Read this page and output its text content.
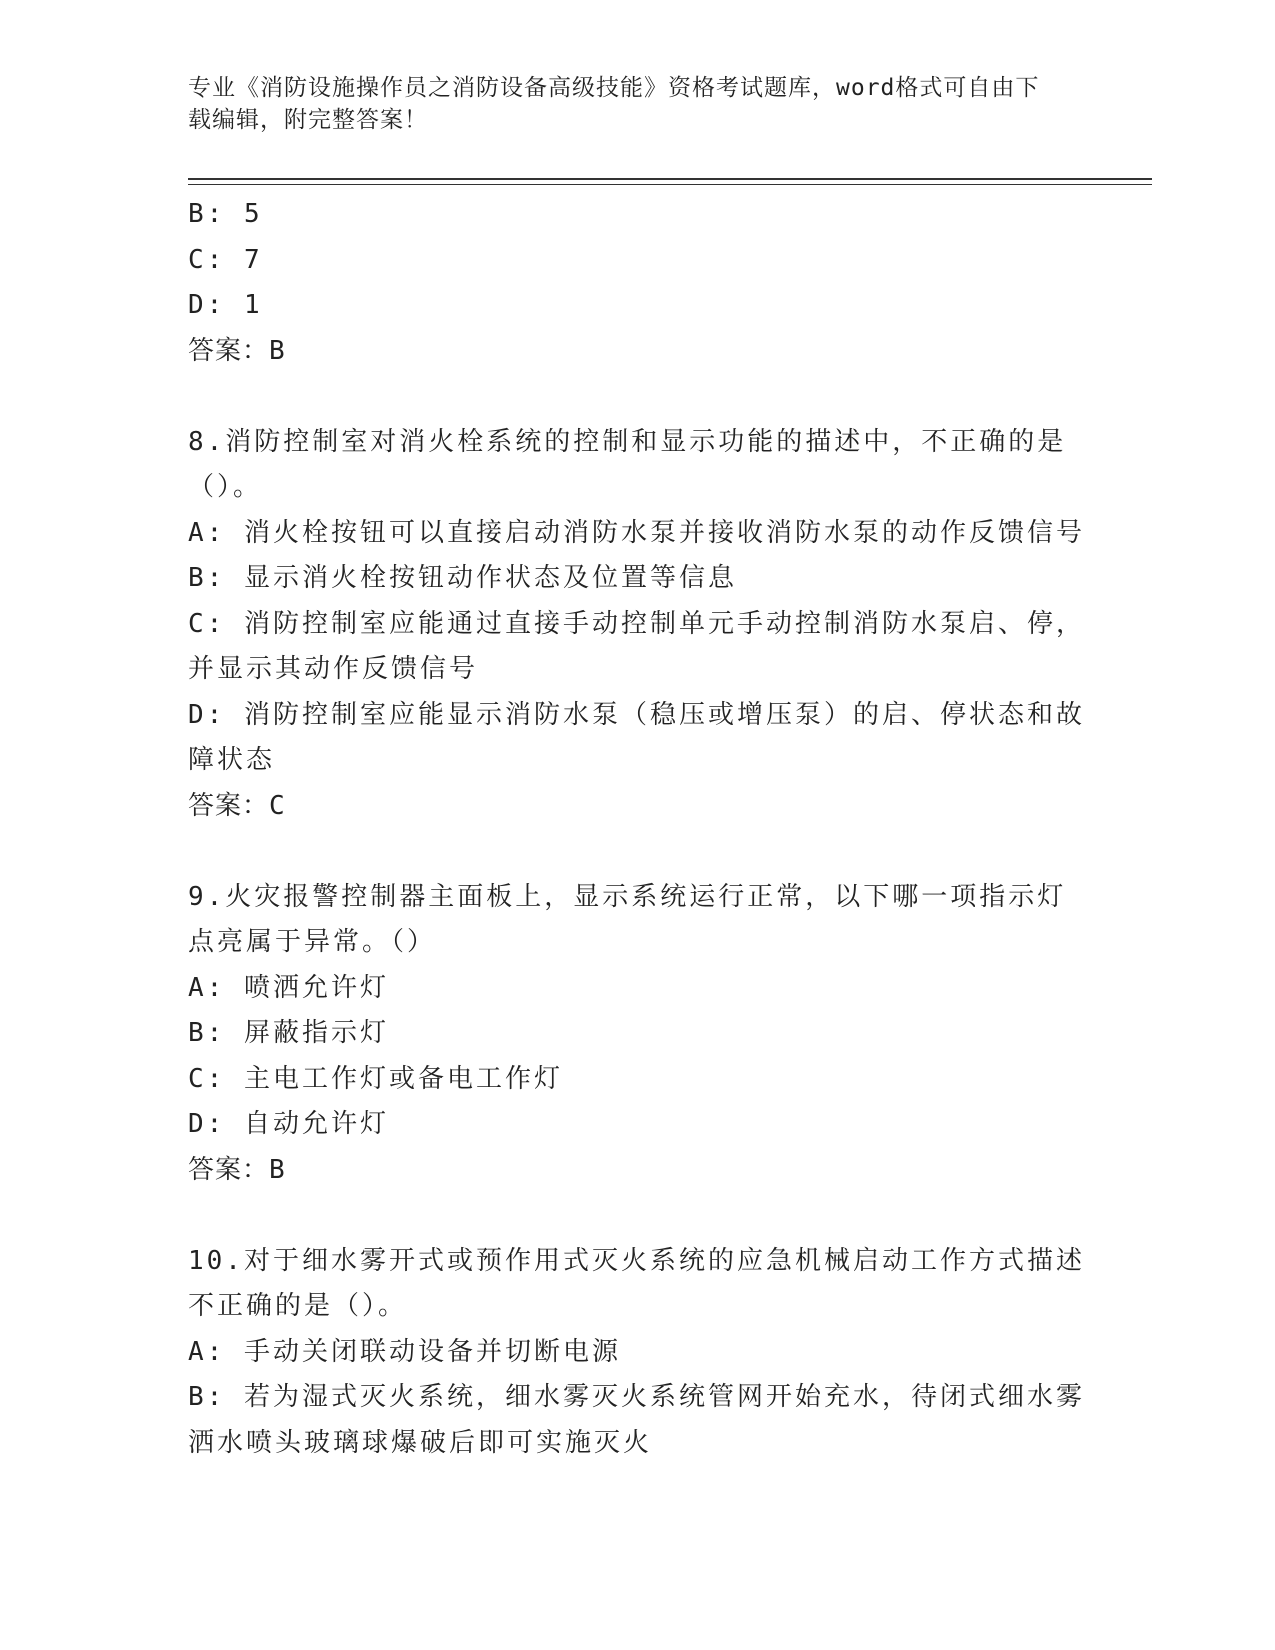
专业《消防设施操作员之消防设备高级技能》资格考试题库，word格式可自由下
载编辑，附完整答案！
B: 5
C: 7
D: 1
答案：B
8.消防控制室对消火栓系统的控制和显示功能的描述中，不正确的是
（）。
A: 消火栓按钮可以直接启动消防水泵并接收消防水泵的动作反馈信号
B: 显示消火栓按钮动作状态及位置等信息
C: 消防控制室应能通过直接手动控制单元手动控制消防水泵启、停，
并显示其动作反馈信号
D: 消防控制室应能显示消防水泵（稳压或增压泵）的启、停状态和故
障状态
答案：C
9.火灾报警控制器主面板上，显示系统运行正常，以下哪一项指示灯
点亮属于异常。（）
A: 喷洒允许灯
B: 屏蔽指示灯
C: 主电工作灯或备电工作灯
D: 自动允许灯
答案：B
10.对于细水雾开式或预作用式灭火系统的应急机械启动工作方式描述
不正确的是（）。
A: 手动关闭联动设备并切断电源
B: 若为湿式灭火系统，细水雾灭火系统管网开始充水，待闭式细水雾
洒水喷头玻璃球爆破后即可实施灭火
